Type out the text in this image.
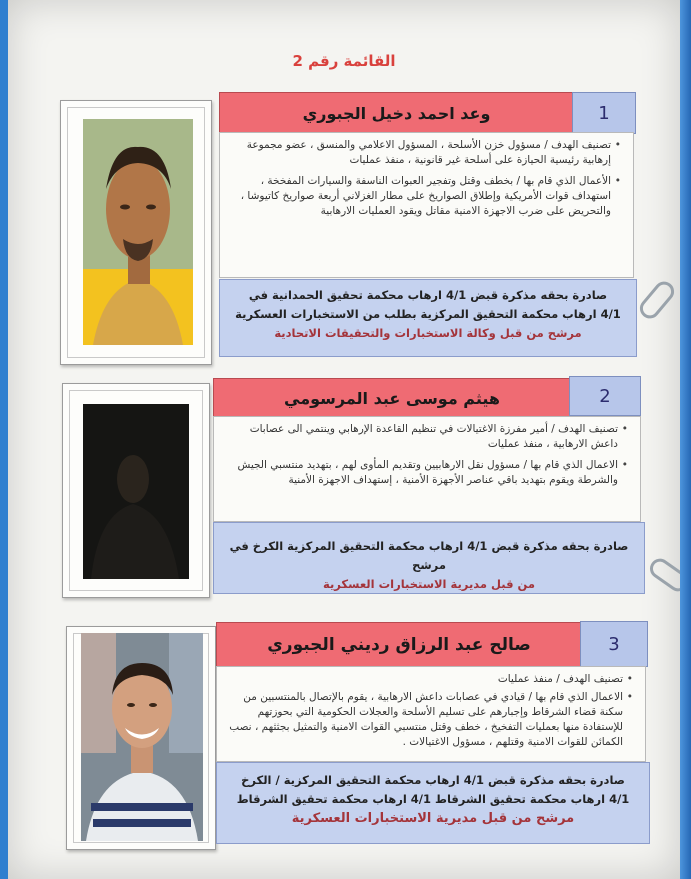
القائمة رقم 2
وعد احمد دخيل الجبوري	1

• تصنيف الهدف / مسؤول خزن الأسلحة ، المسؤول الاعلامي والمنسق ، عضو مجموعة إرهابية رئيسية الحيازة على أسلحة غير قانونية ، منفذ عمليات

• الأعمال الذي قام بها / بخطف وقتل وتفجير العبوات الناسفة والسيارات المفخخة ، استهداف قوات الأمريكية وإطلاق الصواريخ على مطار الغزلاني أربعة صواريخ كاتيوشا ، والتحريض على ضرب الاجهزة الامنية مقاتل ويقود العمليات الارهابية

صادرة بحقه مذكرة قبض 4/1 ارهاب محكمة تحقيق الحمدانية في
4/1 ارهاب محكمة التحقيق المركزية بطلب من الاستخبارات العسكرية
مرشح من قبل وكالة الاستخبارات والتحقيقات الاتحادية
هيثم موسى عبد المرسومي	2

• تصنيف الهدف / أمير مفرزة الاغتيالات في تنظيم القاعدة الإرهابي وينتمي الى عصابات داعش الارهابية ، منفذ عمليات

• الاعمال الذي قام بها / مسؤول نقل الارهابيين وتقديم المأوى لهم ، بتهديد منتسبي الجيش والشرطة ويقوم بتهديد باقي عناصر الأجهزة الأمنية ، إستهداف الاجهزة الأمنية

صادرة بحقه مذكرة قبض 4/1 ارهاب محكمة التحقيق المركزية الكرخ في مرشح
من قبل مديرية الاستخبارات العسكرية
صالح عبد الرزاق رديني الجبوري	3

• تصنيف الهدف / منفذ عمليات

• الاعمال الذي قام بها / قيادي في عصابات داعش الارهابية ، يقوم بالإتصال بالمنتسبين من سكنة قضاء الشرقاط وإجبارهم على تسليم الأسلحة والعجلات الحكومية التي بحوزتهم للإستفادة منها بعمليات التفخيخ ، خطف وقتل منتسبي القوات الامنية والتمثيل بجثثهم ، نصب الكمائن للقوات الامنية وقتلهم ، مسؤول الاغتيالات .

صادرة بحقه مذكرة قبض 4/1 ارهاب محكمة التحقيق المركزية / الكرخ
4/1 ارهاب محكمة تحقيق الشرقاط 4/1 ارهاب محكمة تحقيق الشرقاط
مرشح من قبل مديرية الاستخبارات العسكرية
